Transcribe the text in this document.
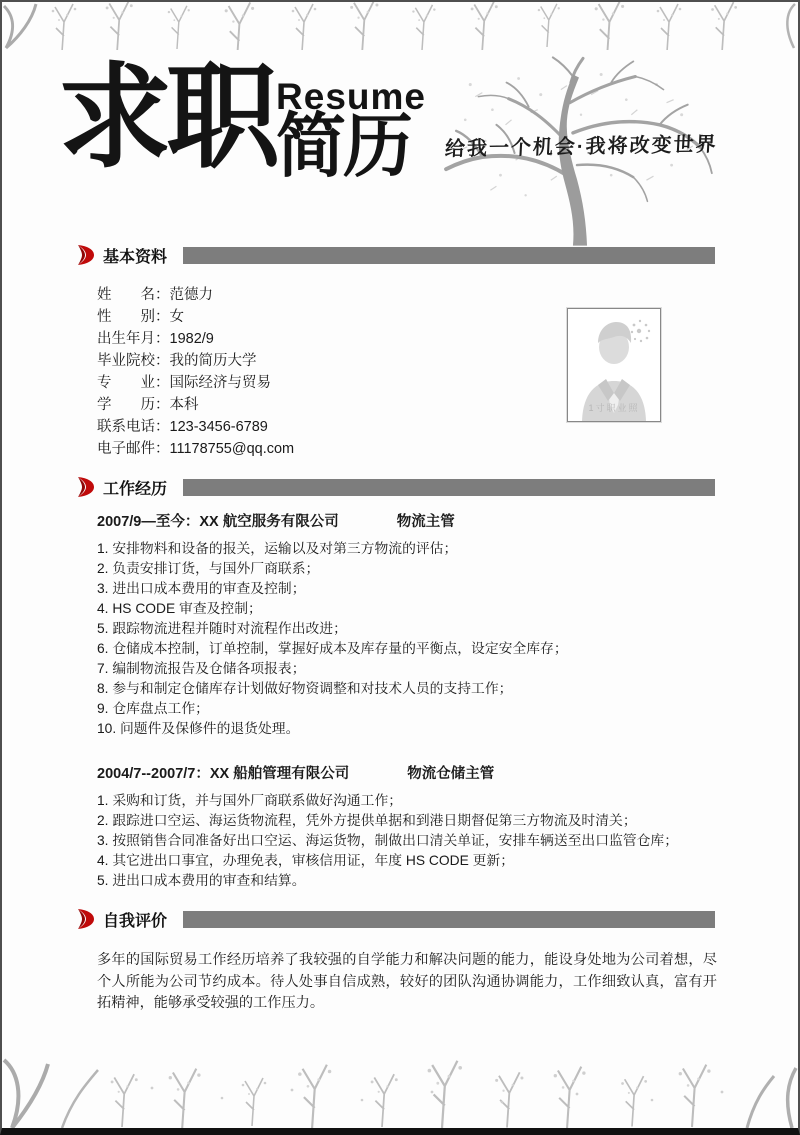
求职 Resume
简历	给我一个机会·我将改变世界
基本资料
姓　　名： 范德力
性　　别： 女
出生年月： 1982/9
毕业院校： 我的简历大学
专　　业： 国际经济与贸易
学　　历： 本科
联系电话： 123-3456-6789
电子邮件： 11178755@qq.com
1寸职业照
工作经历
2007/9—至今：XX 航空服务有限公司	物流主管
1. 安排物料和设备的报关，运输以及对第三方物流的评估；
2. 负责安排订货，与国外厂商联系；
3. 进出口成本费用的审查及控制；
4. HS CODE 审查及控制；
5. 跟踪物流进程并随时对流程作出改进；
6. 仓储成本控制，订单控制，掌握好成本及库存量的平衡点，设定安全库存；
7. 编制物流报告及仓储各项报表；
8. 参与和制定仓储库存计划做好物资调整和对技术人员的支持工作；
9. 仓库盘点工作；
10. 问题件及保修件的退货处理。
2004/7--2007/7：XX 船舶管理有限公司	物流仓储主管
1. 采购和订货，并与国外厂商联系做好沟通工作；
2. 跟踪进口空运、海运货物流程，凭外方提供单据和到港日期督促第三方物流及时清关；
3. 按照销售合同准备好出口空运、海运货物，制做出口清关单证，安排车辆送至出口监管仓库；
4. 其它进出口事宜，办理免表，审核信用证，年度 HS CODE 更新；
5. 进出口成本费用的审查和结算。
自我评价
多年的国际贸易工作经历培养了我较强的自学能力和解决问题的能力，能设身处地为公司着想，尽个人所能为公司节约成本。待人处事自信成熟，较好的团队沟通协调能力，工作细致认真，富有开拓精神，能够承受较强的工作压力。
